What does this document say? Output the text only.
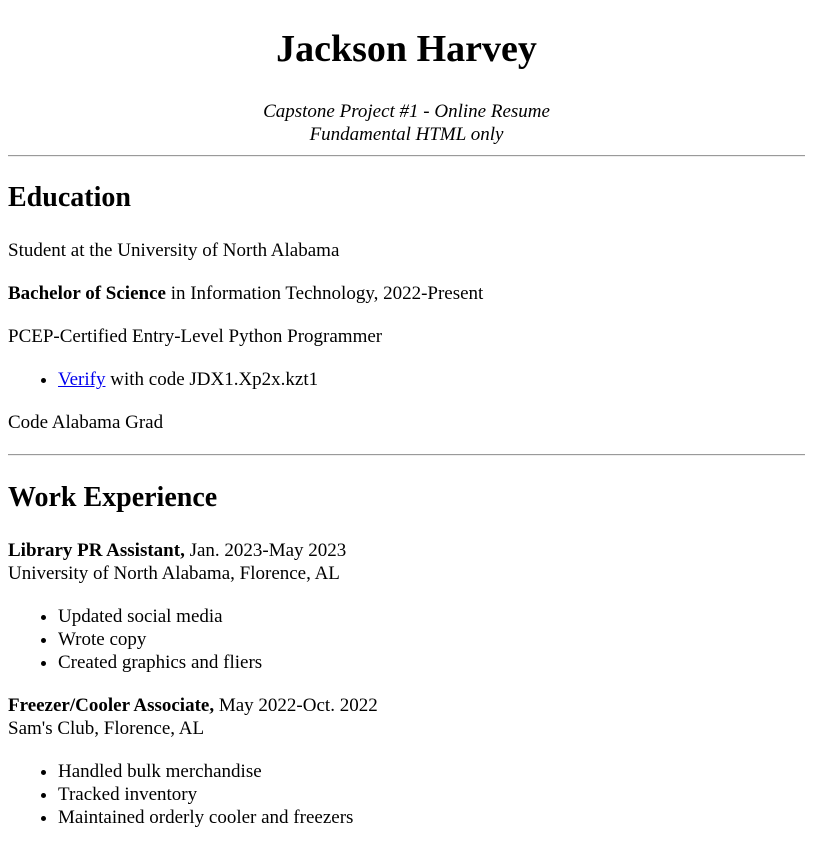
Jackson Harvey

Capstone Project #1 - Online Resume
Fundamental HTML only

Education

Student at the University of North Alabama

Bachelor of Science in Information Technology, 2022-Present

PCEP-Certified Entry-Level Python Programmer

• Verify with code JDX1.Xp2x.kzt1

Code Alabama Grad

Work Experience

Library PR Assistant, Jan. 2023-May 2023
University of North Alabama, Florence, AL

• Updated social media
• Wrote copy
• Created graphics and fliers

Freezer/Cooler Associate, May 2022-Oct. 2022
Sam's Club, Florence, AL

• Handled bulk merchandise
• Tracked inventory
• Maintained orderly cooler and freezers
